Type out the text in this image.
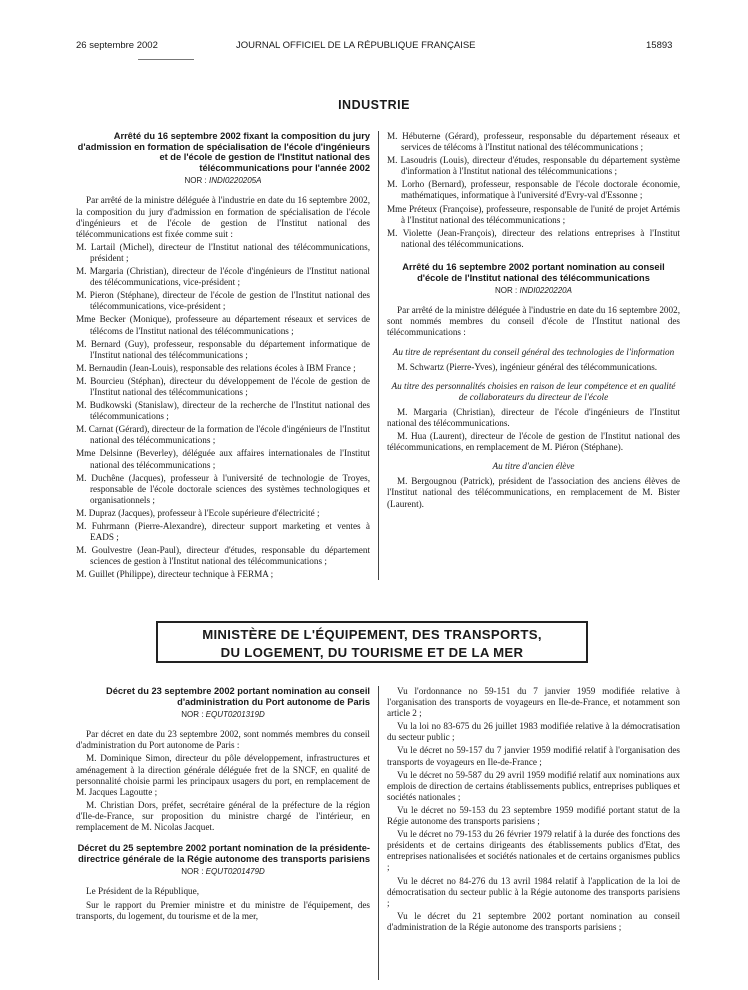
26 septembre 2002	JOURNAL OFFICIEL DE LA RÉPUBLIQUE FRANÇAISE	15893
INDUSTRIE
Arrêté du 16 septembre 2002 fixant la composition du jury d'admission en formation de spécialisation de l'école d'ingénieurs et de l'école de gestion de l'Institut national des télécommunications pour l'année 2002
NOR : INDI0220205A

Par arrêté de la ministre déléguée à l'industrie en date du 16 septembre 2002, la composition du jury d'admission en formation de spécialisation de l'école d'ingénieurs et de l'école de gestion de l'Institut national des télécommunications est fixée comme suit :

M. Lartail (Michel), directeur de l'Institut national des télécommunications, président ;
M. Margaria (Christian), directeur de l'école d'ingénieurs de l'Institut national des télécommunications, vice-président ;
M. Pieron (Stéphane), directeur de l'école de gestion de l'Institut national des télécommunications, vice-président ;
Mme Becker (Monique), professeure au département réseaux et services de télécoms de l'Institut national des télécommunications ;
M. Bernard (Guy), professeur, responsable du département informatique de l'Institut national des télécommunications ;
M. Bernaudin (Jean-Louis), responsable des relations écoles à IBM France ;
M. Bourcieu (Stéphan), directeur du développement de l'école de gestion de l'Institut national des télécommunications ;
M. Budkowski (Stanislaw), directeur de la recherche de l'Institut national des télécommunications ;
M. Carnat (Gérard), directeur de la formation de l'école d'ingénieurs de l'Institut national des télécommunications ;
Mme Delsinne (Beverley), déléguée aux affaires internationales de l'Institut national des télécommunications ;
M. Duchêne (Jacques), professeur à l'université de technologie de Troyes, responsable de l'école doctorale sciences des systèmes technologiques et organisationnels ;
M. Dupraz (Jacques), professeur à l'Ecole supérieure d'électricité ;
M. Fuhrmann (Pierre-Alexandre), directeur support marketing et ventes à EADS ;
M. Goulvestre (Jean-Paul), directeur d'études, responsable du département sciences de gestion à l'Institut national des télécommunications ;
M. Guillet (Philippe), directeur technique à FERMA ;
M. Hébuterne (Gérard), professeur, responsable du département réseaux et services de télécoms à l'Institut national des télécommunications ;
M. Lasoudris (Louis), directeur d'études, responsable du département système d'information à l'Institut national des télécommunications ;
M. Lorho (Bernard), professeur, responsable de l'école doctorale économie, mathématiques, informatique à l'université d'Evry-val d'Essonne ;
Mme Préteux (Françoise), professeure, responsable de l'unité de projet Artémis à l'Institut national des télécommunications ;
M. Violette (Jean-François), directeur des relations entreprises à l'Institut national des télécommunications.
Arrêté du 16 septembre 2002 portant nomination au conseil d'école de l'Institut national des télécommunications
NOR : INDI0220220A

Par arrêté de la ministre déléguée à l'industrie en date du 16 septembre 2002, sont nommés membres du conseil d'école de l'Institut national des télécommunications :

Au titre de représentant du conseil général des technologies de l'information

M. Schwartz (Pierre-Yves), ingénieur général des télécommunications.

Au titre des personnalités choisies en raison de leur compétence et en qualité de collaborateurs du directeur de l'école

M. Margaria (Christian), directeur de l'école d'ingénieurs de l'Institut national des télécommunications.

M. Hua (Laurent), directeur de l'école de gestion de l'Institut national des télécommunications, en remplacement de M. Piéron (Stéphane).

Au titre d'ancien élève

M. Bergougnou (Patrick), président de l'association des anciens élèves de l'Institut national des télécommunications, en remplacement de M. Bister (Laurent).

MINISTÈRE DE L'ÉQUIPEMENT, DES TRANSPORTS,
DU LOGEMENT, DU TOURISME ET DE LA MER
Décret du 23 septembre 2002 portant nomination au conseil d'administration du Port autonome de Paris
NOR : EQUT0201319D

Par décret en date du 23 septembre 2002, sont nommés membres du conseil d'administration du Port autonome de Paris :

M. Dominique Simon, directeur du pôle développement, infrastructures et aménagement à la direction générale déléguée fret de la SNCF, en qualité de personnalité choisie parmi les principaux usagers du port, en remplacement de M. Jacques Lagoutte ;

M. Christian Dors, préfet, secrétaire général de la préfecture de la région d'Ile-de-France, sur proposition du ministre chargé de l'intérieur, en remplacement de M. Nicolas Jacquet.

Décret du 25 septembre 2002 portant nomination de la présidente-directrice générale de la Régie autonome des transports parisiens
NOR : EQUT0201479D

Le Président de la République,

Sur le rapport du Premier ministre et du ministre de l'équipement, des transports, du logement, du tourisme et de la mer,

Vu l'ordonnance no 59-151 du 7 janvier 1959 modifiée relative à l'organisation des transports de voyageurs en Ile-de-France, et notamment son article 2 ;

Vu la loi no 83-675 du 26 juillet 1983 modifiée relative à la démocratisation du secteur public ;

Vu le décret no 59-157 du 7 janvier 1959 modifié relatif à l'organisation des transports de voyageurs en Ile-de-France ;

Vu le décret no 59-587 du 29 avril 1959 modifié relatif aux nominations aux emplois de direction de certains établissements publics, entreprises publiques et sociétés nationales ;

Vu le décret no 59-153 du 23 septembre 1959 modifié portant statut de la Régie autonome des transports parisiens ;

Vu le décret no 79-153 du 26 février 1979 relatif à la durée des fonctions des présidents et de certains dirigeants des établissements publics d'Etat, des entreprises nationalisées et sociétés nationales et de certains organismes publics ;

Vu le décret no 84-276 du 13 avril 1984 relatif à l'application de la loi de démocratisation du secteur public à la Régie autonome des transports parisiens ;

Vu le décret du 21 septembre 2002 portant nomination au conseil d'administration de la Régie autonome des transports parisiens ;
